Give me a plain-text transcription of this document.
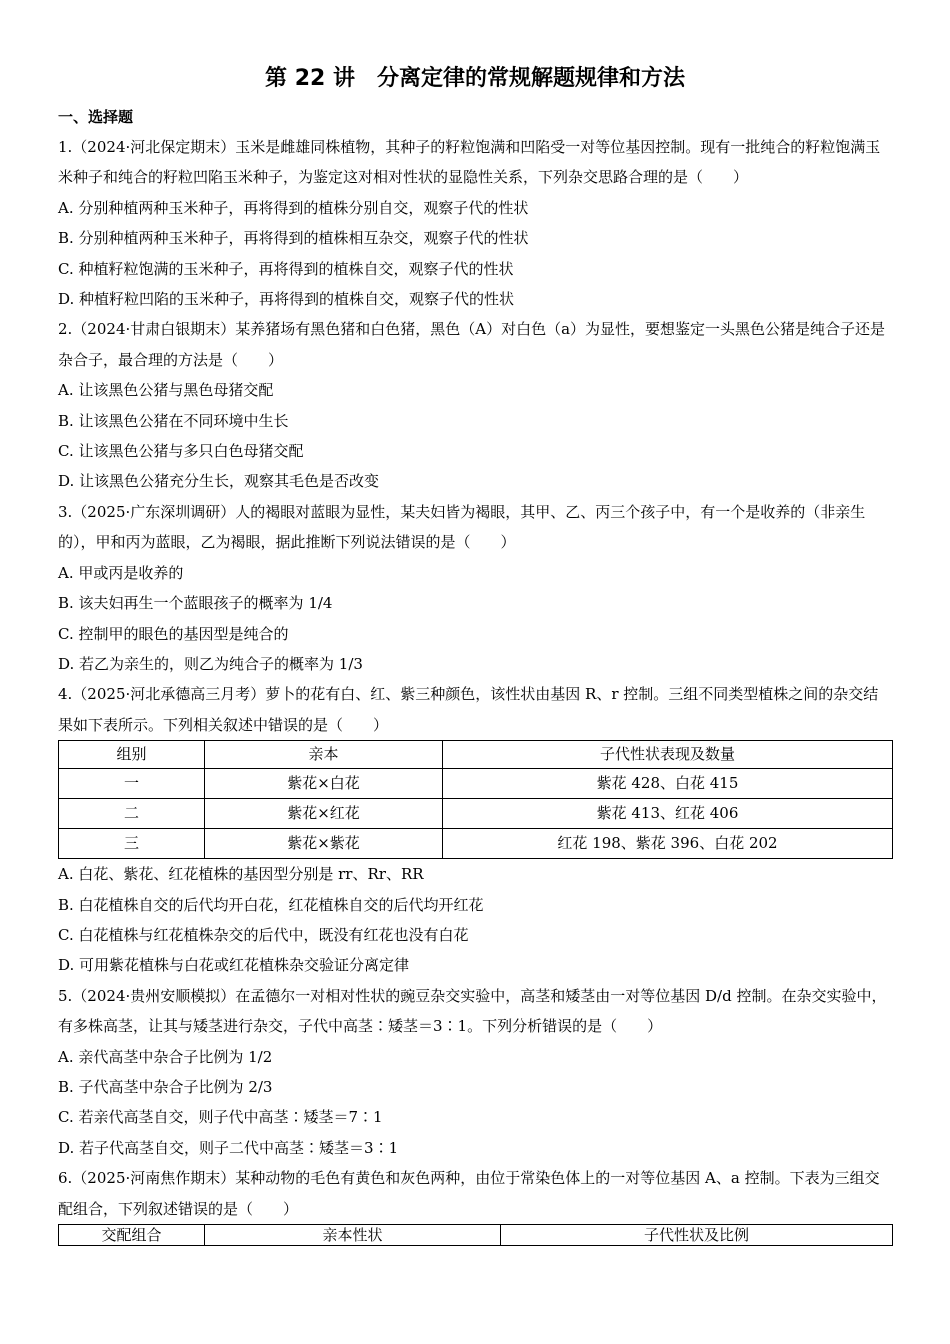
第 22 讲　分离定律的常规解题规律和方法
一、选择题
1.（2024·河北保定期末）玉米是雌雄同株植物，其种子的籽粒饱满和凹陷受一对等位基因控制。现有一批纯合的籽粒饱满玉米种子和纯合的籽粒凹陷玉米种子，为鉴定这对相对性状的显隐性关系，下列杂交思路合理的是（　　）
A. 分别种植两种玉米种子，再将得到的植株分别自交，观察子代的性状
B. 分别种植两种玉米种子，再将得到的植株相互杂交，观察子代的性状
C. 种植籽粒饱满的玉米种子，再将得到的植株自交，观察子代的性状
D. 种植籽粒凹陷的玉米种子，再将得到的植株自交，观察子代的性状
2.（2024·甘肃白银期末）某养猪场有黑色猪和白色猪，黑色（A）对白色（a）为显性，要想鉴定一头黑色公猪是纯合子还是杂合子，最合理的方法是（　　）
A. 让该黑色公猪与黑色母猪交配
B. 让该黑色公猪在不同环境中生长
C. 让该黑色公猪与多只白色母猪交配
D. 让该黑色公猪充分生长，观察其毛色是否改变
3.（2025·广东深圳调研）人的褐眼对蓝眼为显性，某夫妇皆为褐眼，其甲、乙、丙三个孩子中，有一个是收养的（非亲生的），甲和丙为蓝眼，乙为褐眼，据此推断下列说法错误的是（　　）
A. 甲或丙是收养的
B. 该夫妇再生一个蓝眼孩子的概率为 1/4
C. 控制甲的眼色的基因型是纯合的
D. 若乙为亲生的，则乙为纯合子的概率为 1/3
4.（2025·河北承德高三月考）萝卜的花有白、红、紫三种颜色，该性状由基因 R、r 控制。三组不同类型植株之间的杂交结果如下表所示。下列相关叙述中错误的是（　　）
组别	亲本	子代性状表现及数量
一	紫花×白花	紫花 428、白花 415
二	紫花×红花	紫花 413、红花 406
三	紫花×紫花	红花 198、紫花 396、白花 202
A. 白花、紫花、红花植株的基因型分别是 rr、Rr、RR
B. 白花植株自交的后代均开白花，红花植株自交的后代均开红花
C. 白花植株与红花植株杂交的后代中，既没有红花也没有白花
D. 可用紫花植株与白花或红花植株杂交验证分离定律
5.（2024·贵州安顺模拟）在孟德尔一对相对性状的豌豆杂交实验中，高茎和矮茎由一对等位基因 D/d 控制。在杂交实验中，有多株高茎，让其与矮茎进行杂交，子代中高茎∶矮茎＝3∶1。下列分析错误的是（　　）
A. 亲代高茎中杂合子比例为 1/2
B. 子代高茎中杂合子比例为 2/3
C. 若亲代高茎自交，则子代中高茎∶矮茎＝7∶1
D. 若子代高茎自交，则子二代中高茎∶矮茎＝3∶1
6.（2025·河南焦作期末）某种动物的毛色有黄色和灰色两种，由位于常染色体上的一对等位基因 A、a 控制。下表为三组交配组合，下列叙述错误的是（　　）
交配组合	亲本性状	子代性状及比例
